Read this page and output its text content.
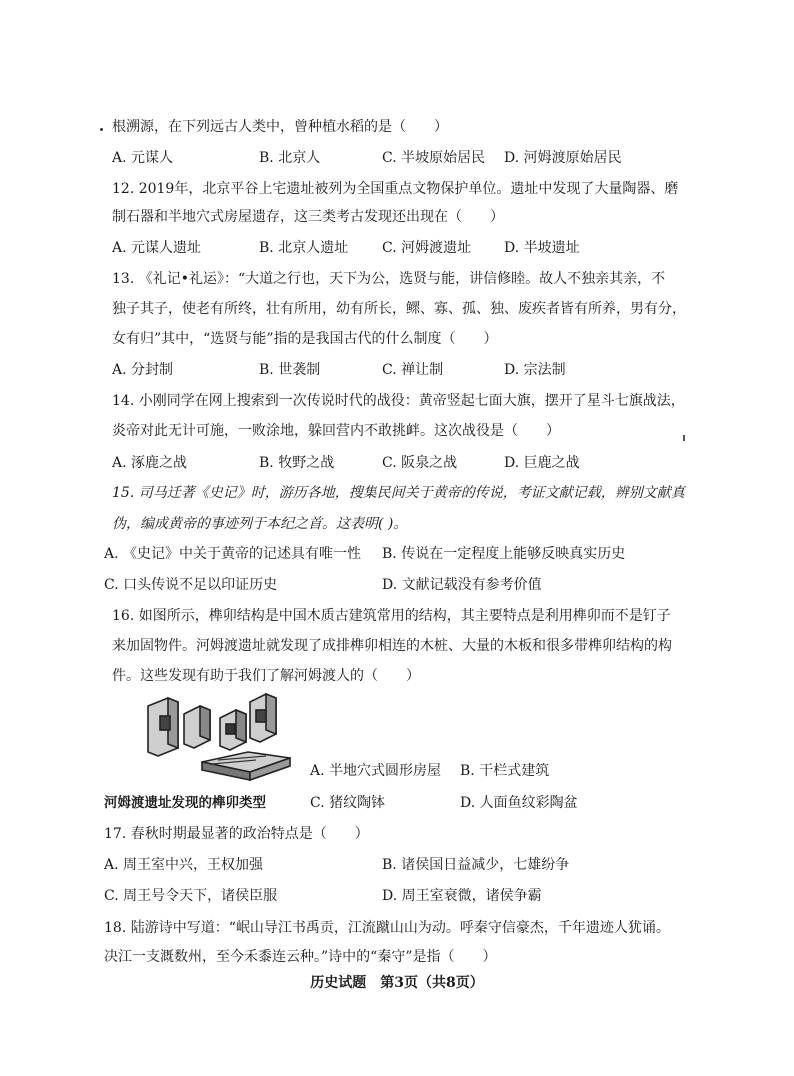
根溯源，在下列远古人类中，曾种植水稻的是（　　）
A. 元谋人	B. 北京人	C. 半坡原始居民 D. 河姆渡原始居民
12. 2019年，北京平谷上宅遗址被列为全国重点文物保护单位。遗址中发现了大量陶器、磨
制石器和半地穴式房屋遗存，这三类考古发现还出现在（　　）
A. 元谋人遗址	B. 北京人遗址 C. 河姆渡遗址 D. 半坡遗址
13. 《礼记•礼运》：“大道之行也，天下为公，选贤与能，讲信修睦。故人不独亲其亲，不
独子其子，使老有所终，壮有所用，幼有所长，鳏、寡、孤、独、废疾者皆有所养，男有分，
女有归”其中，“选贤与能”指的是我国古代的什么制度（　　）
A. 分封制	B. 世袭制	C. 禅让制	D. 宗法制
14. 小刚同学在网上搜索到一次传说时代的战役：黄帝竖起七面大旗，摆开了星斗七旗战法，
炎帝对此无计可施，一败涂地，躲回营内不敢挑衅。这次战役是（　　）
A. 涿鹿之战	B. 牧野之战	C. 阪泉之战	D. 巨鹿之战
15. 司马迁著《史记》时，游历各地，搜集民间关于黄帝的传说，考证文献记载，辨别文献真
伪，编成黄帝的事迹列于本纪之首。这表明( )。
A. 《史记》中关于黄帝的记述具有唯一性 B. 传说在一定程度上能够反映真实历史
C. 口头传说不足以印证历史	D. 文献记载没有参考价值
16. 如图所示，榫卯结构是中国木质古建筑常用的结构，其主要特点是利用榫卯而不是钉子
来加固物件。河姆渡遗址就发现了成排榫卯相连的木桩、大量的木板和很多带榫卯结构的构
件。这些发现有助于我们了解河姆渡人的（　　）
河姆渡遗址发现的榫卯类型
A. 半地穴式圆形房屋 B. 干栏式建筑
C. 猪纹陶钵	D. 人面鱼纹彩陶盆
17. 春秋时期最显著的政治特点是（　　）
A. 周王室中兴，王权加强	B. 诸侯国日益减少，七雄纷争
C. 周王号令天下，诸侯臣服	D. 周王室衰微，诸侯争霸
18. 陆游诗中写道：“岷山导江书禹贡，江流蹴山山为动。呼秦守信豪杰，千年遗迹人犹诵。
决江一支溉数州，至今禾黍连云种。”诗中的“秦守”是指（　　）
历史试题　第3页（共8页）
